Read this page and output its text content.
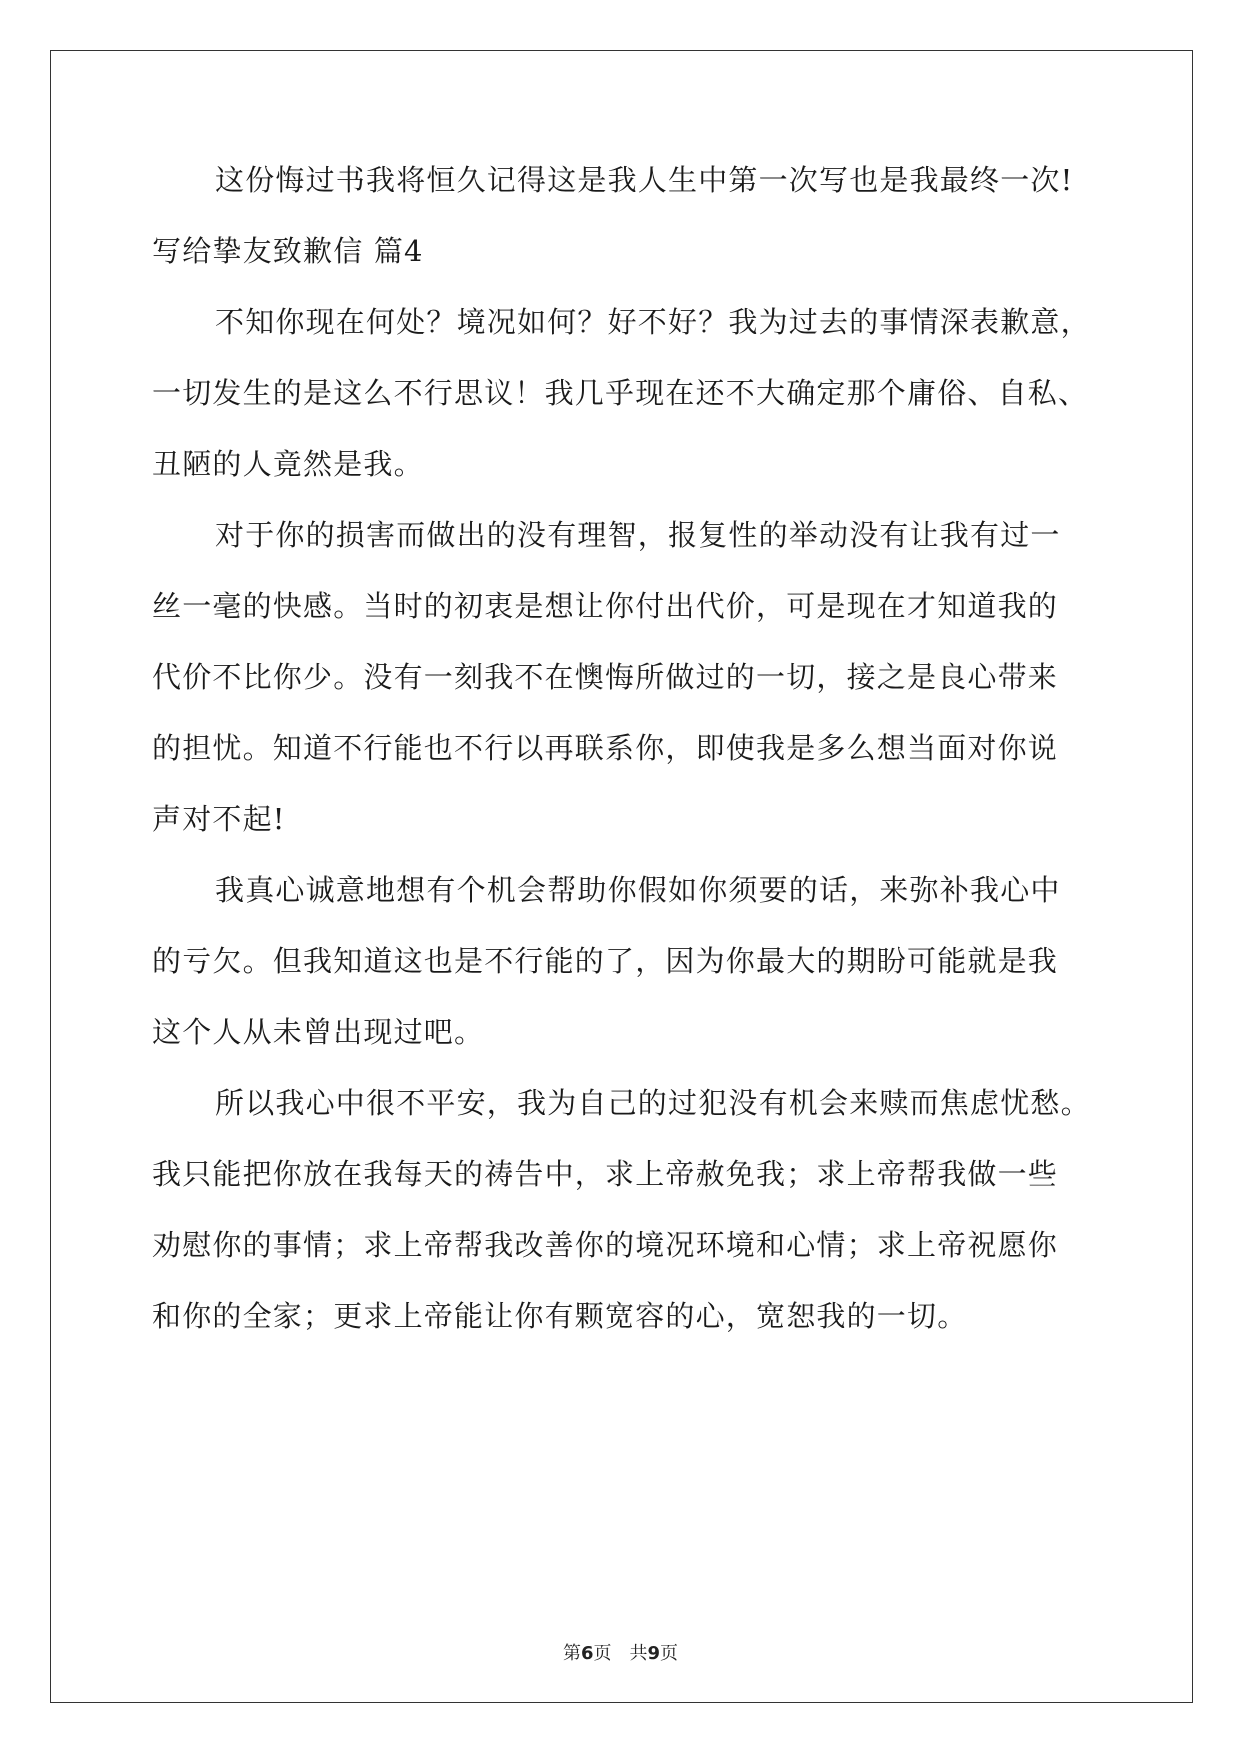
这份悔过书我将恒久记得这是我人生中第一次写也是我最终一次!
写给挚友致歉信 篇4
不知你现在何处？境况如何？好不好？我为过去的事情深表歉意，
一切发生的是这么不行思议！我几乎现在还不大确定那个庸俗、自私、
丑陋的人竟然是我。
对于你的损害而做出的没有理智，报复性的举动没有让我有过一
丝一毫的快感。当时的初衷是想让你付出代价，可是现在才知道我的
代价不比你少。没有一刻我不在懊悔所做过的一切，接之是良心带来
的担忧。知道不行能也不行以再联系你，即使我是多么想当面对你说
声对不起!
我真心诚意地想有个机会帮助你假如你须要的话，来弥补我心中
的亏欠。但我知道这也是不行能的了，因为你最大的期盼可能就是我
这个人从未曾出现过吧。
所以我心中很不平安，我为自己的过犯没有机会来赎而焦虑忧愁。
我只能把你放在我每天的祷告中，求上帝赦免我；求上帝帮我做一些
劝慰你的事情；求上帝帮我改善你的境况环境和心情；求上帝祝愿你
和你的全家；更求上帝能让你有颗宽容的心，宽恕我的一切。
第6页　共9页
